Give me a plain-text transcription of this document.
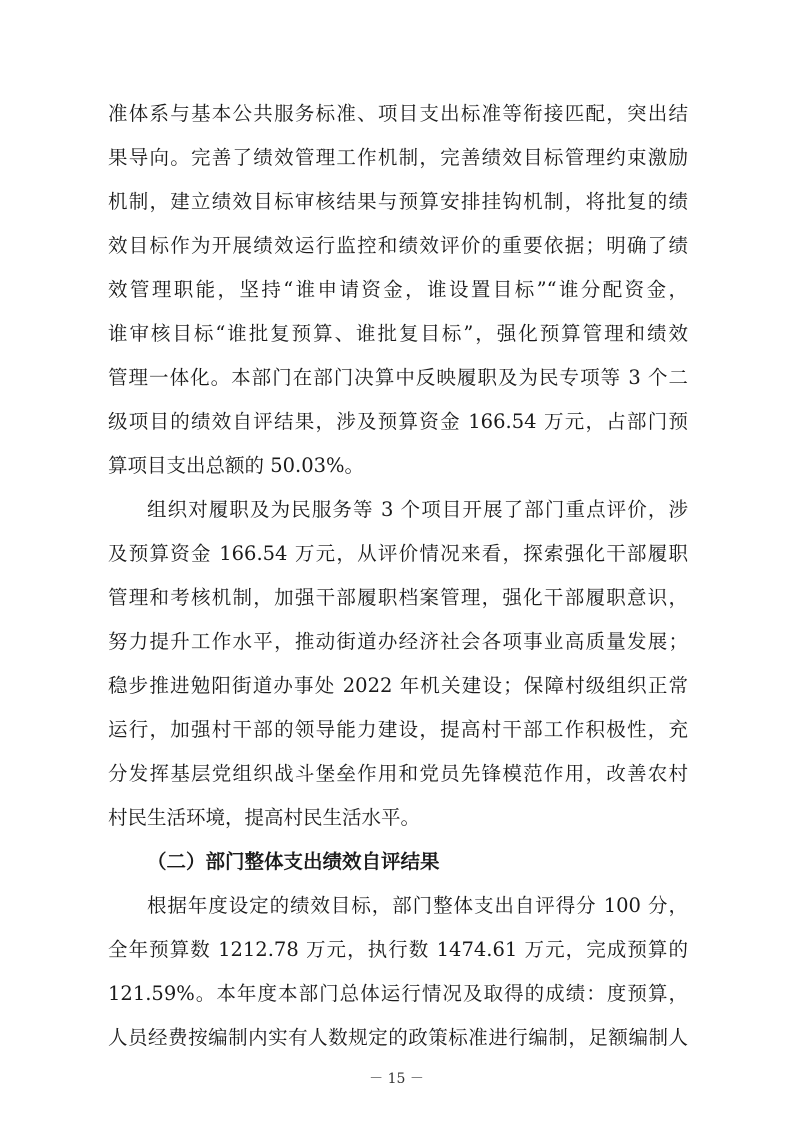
准体系与基本公共服务标准、项目支出标准等衔接匹配，突出结
果导向。完善了绩效管理工作机制，完善绩效目标管理约束激励
机制，建立绩效目标审核结果与预算安排挂钩机制，将批复的绩
效目标作为开展绩效运行监控和绩效评价的重要依据；明确了绩
效管理职能，坚持“谁申请资金，谁设置目标”“谁分配资金，
谁审核目标“谁批复预算、谁批复目标”，强化预算管理和绩效
管理一体化。本部门在部门决算中反映履职及为民专项等 3 个二
级项目的绩效自评结果，涉及预算资金 166.54 万元，占部门预
算项目支出总额的 50.03%。
组织对履职及为民服务等 3 个项目开展了部门重点评价，涉
及预算资金 166.54 万元，从评价情况来看，探索强化干部履职
管理和考核机制，加强干部履职档案管理，强化干部履职意识，
努力提升工作水平，推动街道办经济社会各项事业高质量发展；
稳步推进勉阳街道办事处 2022 年机关建设；保障村级组织正常
运行，加强村干部的领导能力建设，提高村干部工作积极性，充
分发挥基层党组织战斗堡垒作用和党员先锋模范作用，改善农村
村民生活环境，提高村民生活水平。
（二）部门整体支出绩效自评结果
根据年度设定的绩效目标，部门整体支出自评得分 100 分，
全年预算数 1212.78 万元，执行数 1474.61 万元，完成预算的
121.59%。本年度本部门总体运行情况及取得的成绩：度预算，
人员经费按编制内实有人数规定的政策标准进行编制，足额编制人
－ 15 －
